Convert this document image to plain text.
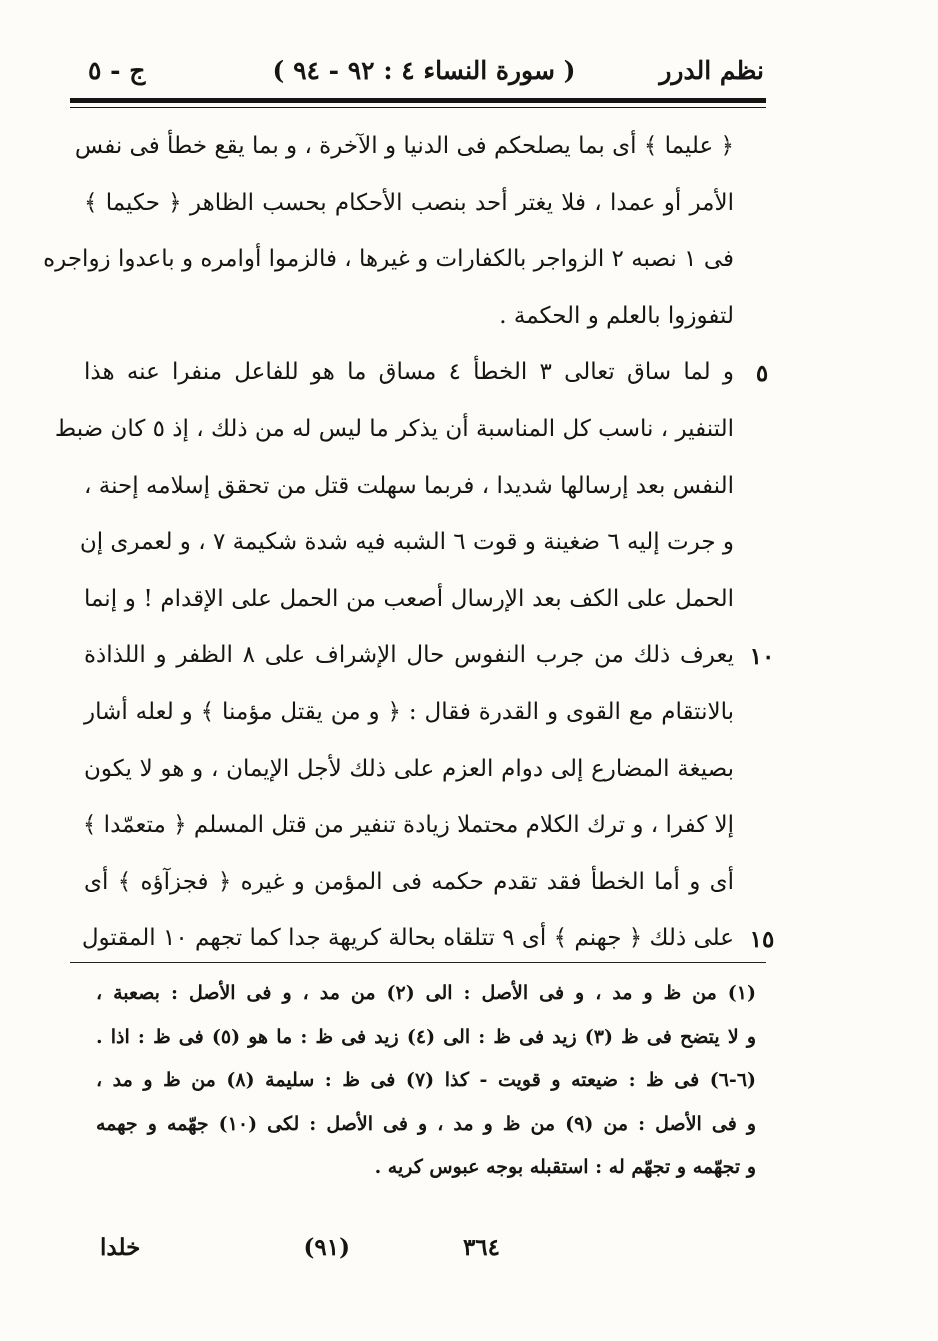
نظم الدرر
( سورة النساء ٤ : ٩٢ - ٩٤ )
ج - ٥
﴿ عليما ﴾ أى بما يصلحكم فى الدنيا و الآخرة ، و بما يقع خطأ فى نفس
الأمر أو عمدا ، فلا يغتر أحد بنصب الأحكام بحسب الظاهر ﴿ حكيما ﴾
فى ١ نصبه ٢ الزواجر بالكفارات و غيرها ، فالزموا أوامره و باعدوا زواجره
لتفوزوا بالعلم و الحكمة .
و لما ساق تعالى ٣ الخطأ ٤ مساق ما هو للفاعل منفرا عنه هذا
التنفير ، ناسب كل المناسبة أن يذكر ما ليس له من ذلك ، إذ ٥ كان ضبط
النفس بعد إرسالها شديدا ، فربما سهلت قتل من تحقق إسلامه إحنة ،
و جرت إليه ٦ ضغينة و قوت ٦ الشبه فيه شدة شكيمة ٧ ، و لعمرى إن
الحمل على الكف بعد الإرسال أصعب من الحمل على الإقدام ! و إنما
يعرف ذلك من جرب النفوس حال الإشراف على ٨ الظفر و اللذاذة
بالانتقام مع القوى و القدرة فقال : ﴿ و من يقتل مؤمنا ﴾ و لعله أشار
بصيغة المضارع إلى دوام العزم على ذلك لأجل الإيمان ، و هو لا يكون
إلا كفرا ، و ترك الكلام محتملا زيادة تنفير من قتل المسلم ﴿ متعمّدا ﴾
أى و أما الخطأ فقد تقدم حكمه فى المؤمن و غيره ﴿ فجزآؤه ﴾ أى
على ذلك ﴿ جهنم ﴾ أى ٩ تتلقاه بحالة كريهة جدا كما تجهم ١٠ المقتول
٥
١٠
١٥
(١) من ظ و مد ، و فى الأصل : الى (٢) من مد ، و فى الأصل : بصعبة ،
و لا يتضح فى ظ (٣) زيد فى ظ : الى (٤) زيد فى ظ : ما هو (٥) فى ظ : اذا .
(٦-٦) فى ظ : ضيعته و قويت - كذا (٧) فى ظ : سليمة (٨) من ظ و مد ،
و فى الأصل : من (٩) من ظ و مد ، و فى الأصل : لكى (١٠) جهّمه و جهمه
و تجهّمه و تجهّم له : استقبله بوجه عبوس كريه .
٣٦٤
(٩١)
خلدا
